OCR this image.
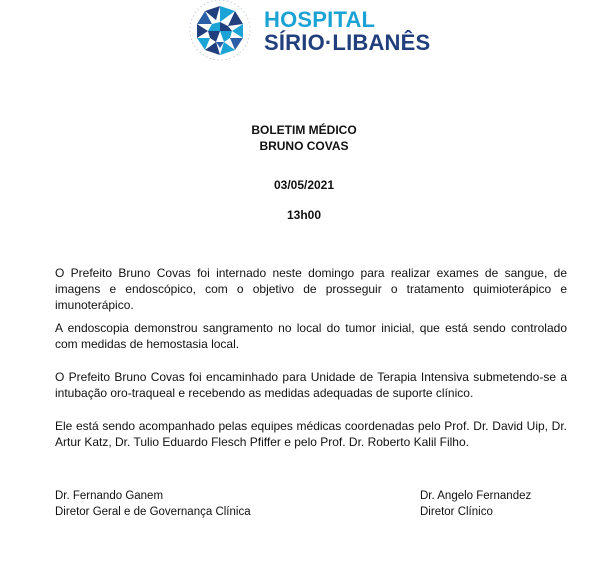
HOSPITAL
SÍRIO·LIBANÊS
BOLETIM MÉDICO
BRUNO COVAS
03/05/2021
13h00

O Prefeito Bruno Covas foi internado neste domingo para realizar exames de sangue, de imagens e endoscópico, com o objetivo de prosseguir o tratamento quimioterápico e imunoterápico.

A endoscopia demonstrou sangramento no local do tumor inicial, que está sendo controlado com medidas de hemostasia local.

O Prefeito Bruno Covas foi encaminhado para Unidade de Terapia Intensiva submetendo-se a intubação oro-traqueal e recebendo as medidas adequadas de suporte clínico.

Ele está sendo acompanhado pelas equipes médicas coordenadas pelo Prof. Dr. David Uip, Dr. Artur Katz, Dr. Tulio Eduardo Flesch Pfiffer e pelo Prof. Dr. Roberto Kalil Filho.

Dr. Fernando Ganem
Diretor Geral e de Governança Clínica
Dr. Angelo Fernandez
Diretor Clínico
